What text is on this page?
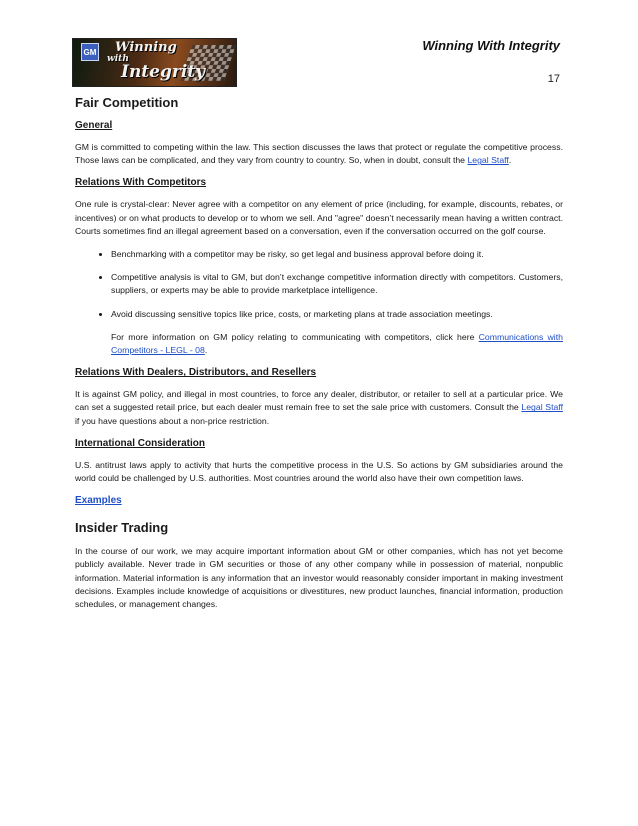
GM Winning
with
Integrity
Winning With Integrity
17
Fair Competition
General

GM is committed to competing within the law. This section discusses the laws that protect or regulate the competitive process. Those laws can be complicated, and they vary from country to country. So, when in doubt, consult the Legal Staff.

Relations With Competitors

One rule is crystal-clear: Never agree with a competitor on any element of price (including, for example, discounts, rebates, or incentives) or on what products to develop or to whom we sell. And "agree" doesn’t necessarily mean having a written contract. Courts sometimes find an illegal agreement based on a conversation, even if the conversation occurred on the golf course.

• Benchmarking with a competitor may be risky, so get legal and business approval before doing it.
• Competitive analysis is vital to GM, but don’t exchange competitive information directly with competitors. Customers, suppliers, or experts may be able to provide marketplace intelligence.
• Avoid discussing sensitive topics like price, costs, or marketing plans at trade association meetings.

For more information on GM policy relating to communicating with competitors, click here Communications with Competitors - LEGL - 08.

Relations With Dealers, Distributors, and Resellers

It is against GM policy, and illegal in most countries, to force any dealer, distributor, or retailer to sell at a particular price. We can set a suggested retail price, but each dealer must remain free to set the sale price with customers. Consult the Legal Staff if you have questions about a non-price restriction.

International Consideration

U.S. antitrust laws apply to activity that hurts the competitive process in the U.S. So actions by GM subsidiaries around the world could be challenged by U.S. authorities. Most countries around the world also have their own competition laws.

Examples
Insider Trading

In the course of our work, we may acquire important information about GM or other companies, which has not yet become publicly available. Never trade in GM securities or those of any other company while in possession of material, nonpublic information. Material information is any information that an investor would reasonably consider important in making investment decisions. Examples include knowledge of acquisitions or divestitures, new product launches, financial information, production schedules, or management changes.
